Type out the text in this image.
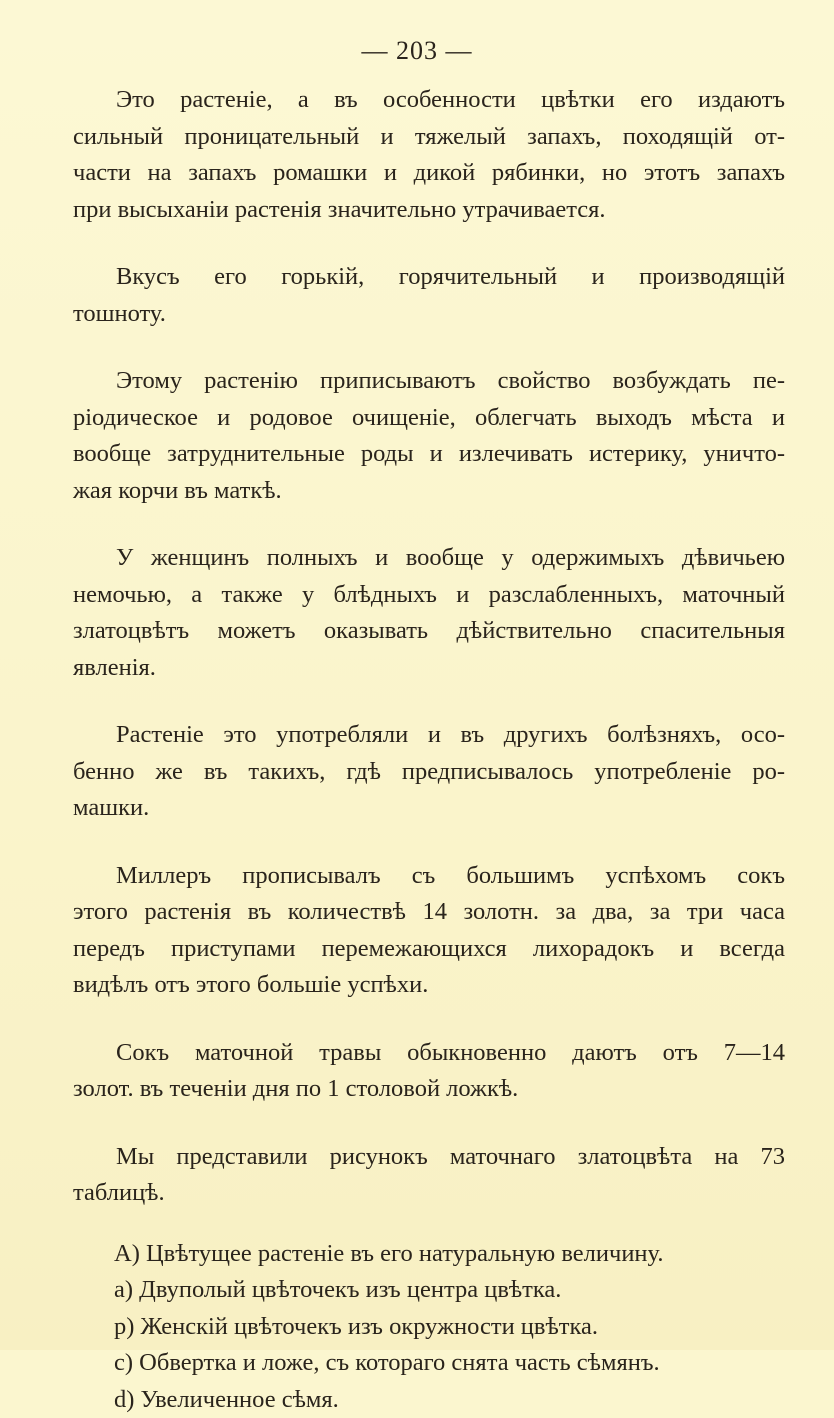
— 203 —

Это растеніе, а въ особенности цвѣтки его издаютъ
сильный проницательный и тяжелый запахъ, походящій от-
части на запахъ ромашки и дикой рябинки, но этотъ запахъ
при высыханіи растенія значительно утрачивается.

Вкусъ его горькій, горячительный и производящій
тошноту.

Этому растенію приписываютъ свойство возбуждать пе-
ріодическое и родовое очищеніе, облегчать выходъ мѣста и
вообще затруднительные роды и излечивать истерику, уничто-
жая корчи въ маткѣ.

У женщинъ полныхъ и вообще у одержимыхъ дѣвичьею
немочью, а также у блѣдныхъ и разслабленныхъ, маточный
златоцвѣтъ можетъ оказывать дѣйствительно спасительныя
явленія.

Растеніе это употребляли и въ другихъ болѣзняхъ, осо-
бенно же въ такихъ, гдѣ предписывалось употребленіе ро-
машки.

Миллеръ прописывалъ съ большимъ успѣхомъ сокъ
этого растенія въ количествѣ 14 золотн. за два, за три часа
передъ приступами перемежающихся лихорадокъ и всегда
видѣлъ отъ этого большіе успѣхи.

Сокъ маточной травы обыкновенно даютъ отъ 7—14
золот. въ теченіи дня по 1 столовой ложкѣ.

Мы представили рисунокъ маточнаго златоцвѣта на 73
таблицѣ.

А) Цвѣтущее растеніе въ его натуральную величину.
а) Двуполый цвѣточекъ изъ центра цвѣтка.
р) Женскій цвѣточекъ изъ окружности цвѣтка.
с) Обвертка и ложе, съ котораго снята часть сѣмянъ.
d) Увеличенное сѣмя.
